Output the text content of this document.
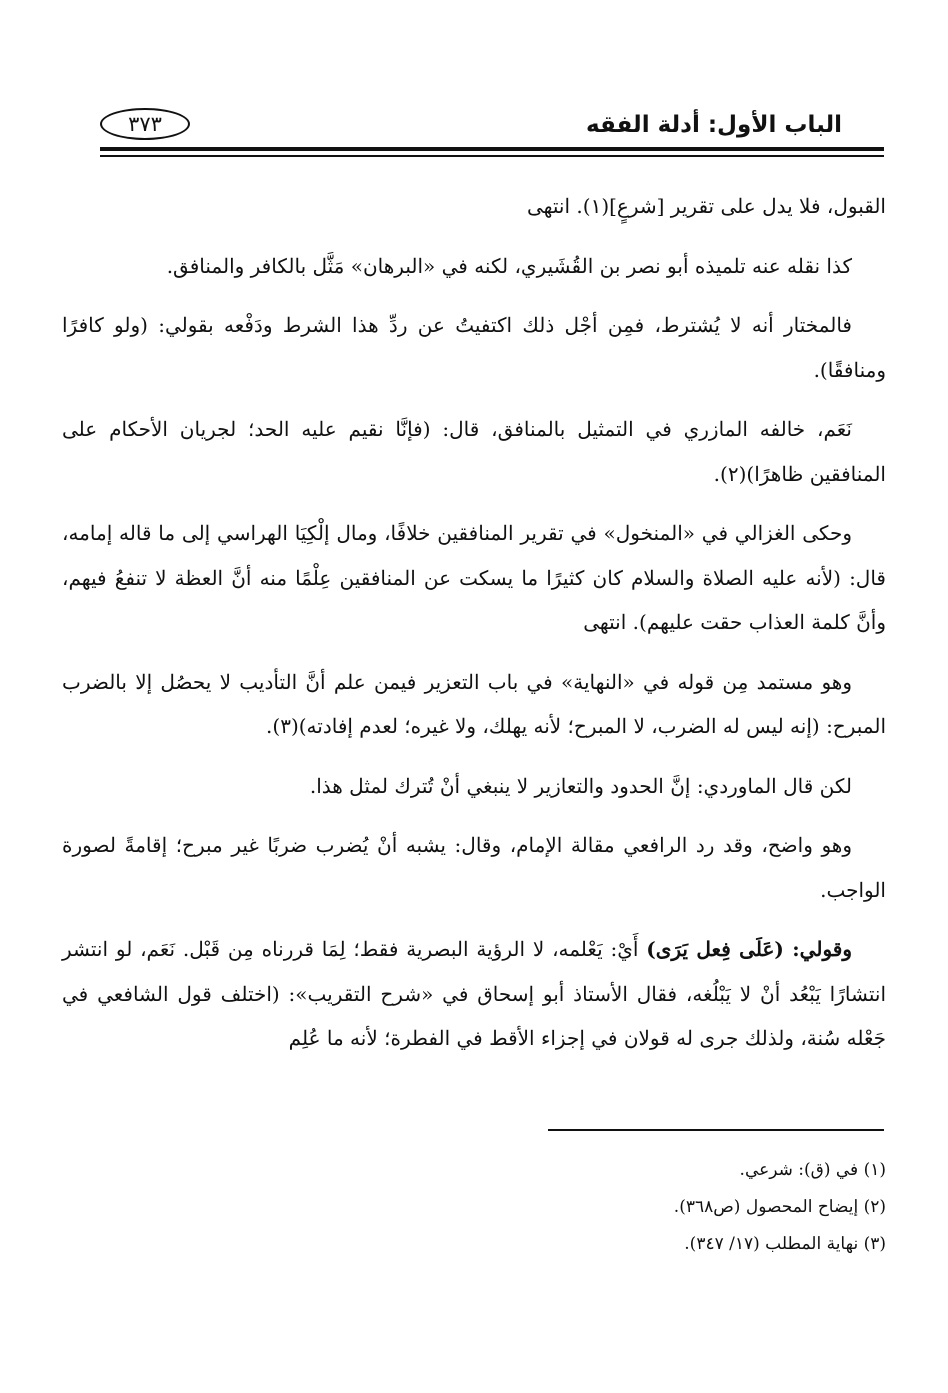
الباب الأول: أدلة الفقه
٣٧٣

القبول، فلا يدل على تقرير [شرعٍ](١). انتهى

كذا نقله عنه تلميذه أبو نصر بن القُشَيري، لكنه في «البرهان» مَثَّل بالكافر والمنافق.

فالمختار أنه لا يُشترط، فمِن أجْل ذلك اكتفيتُ عن ردِّ هذا الشرط ودَفْعه بقولي: (ولو كافرًا ومنافقًا).

نَعَم، خالفه المازري في التمثيل بالمنافق، قال: (فإنَّا نقيم عليه الحد؛ لجريان الأحكام على المنافقين ظاهرًا)(٢).

وحكى الغزالي في «المنخول» في تقرير المنافقين خلافًا، ومال إلْكِيَا الهراسي إلى ما قاله إمامه، قال: (لأنه عليه الصلاة والسلام كان كثيرًا ما يسكت عن المنافقين عِلْمًا منه أنَّ العظة لا تنفعُ فيهم، وأنَّ كلمة العذاب حقت عليهم). انتهى

وهو مستمد مِن قوله في «النهاية» في باب التعزير فيمن علم أنَّ التأديب لا يحصُل إلا بالضرب المبرح: (إنه ليس له الضرب، لا المبرح؛ لأنه يهلك، ولا غيره؛ لعدم إفادته)(٣).

لكن قال الماوردي: إنَّ الحدود والتعازير لا ينبغي أنْ تُترك لمثل هذا.

وهو واضح، وقد رد الرافعي مقالة الإمام، وقال: يشبه أنْ يُضرب ضربًا غير مبرح؛ إقامةً لصورة الواجب.

وقولي: (عَلَى فِعل يَرَى) أَيْ: يَعْلمه، لا الرؤية البصرية فقط؛ لِمَا قررناه مِن قَبْل. نَعَم، لو انتشر انتشارًا يَبْعُد أنْ لا يَبْلُغه، فقال الأستاذ أبو إسحاق في «شرح التقريب»: (اختلف قول الشافعي في جَعْله سُنة، ولذلك جرى له قولان في إجزاء الأقط في الفطرة؛ لأنه ما عُلِم

(١) في (ق): شرعي.
(٢) إيضاح المحصول (ص٣٦٨).
(٣) نهاية المطلب (١٧/ ٣٤٧).
